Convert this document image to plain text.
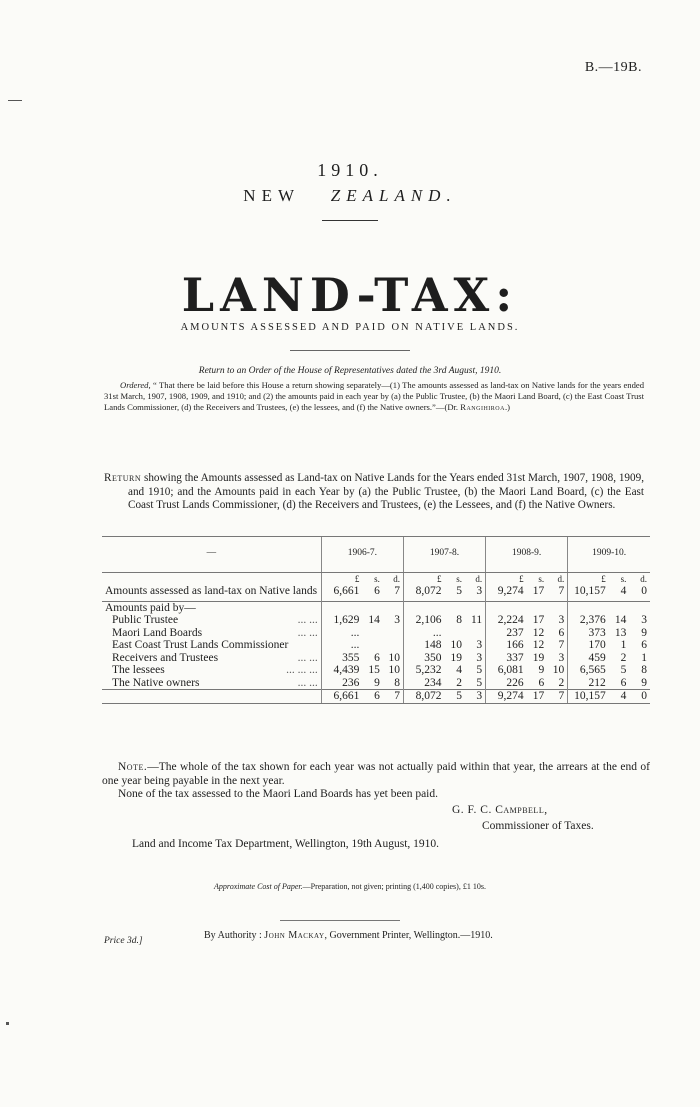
B.—19B.
1910.
NEW ZEALAND.
LAND-TAX:
AMOUNTS ASSESSED AND PAID ON NATIVE LANDS.
Return to an Order of the House of Representatives dated the 3rd August, 1910.
Ordered, “ That there be laid before this House a return showing separately—(1) The amounts assessed as land-tax on Native lands for the years ended 31st March, 1907, 1908, 1909, and 1910; and (2) the amounts paid in each year by (a) the Public Trustee, (b) the Maori Land Board, (c) the East Coast Trust Lands Commissioner, (d) the Receivers and Trustees, (e) the lessees, and (f) the Native owners.”—(Dr. Rangihiroa.)
Return showing the Amounts assessed as Land-tax on Native Lands for the Years ended 31st March, 1907, 1908, 1909, and 1910; and the Amounts paid in each Year by (a) the Public Trustee, (b) the Maori Land Board, (c) the East Coast Trust Lands Commissioner, (d) the Receivers and Trustees, (e) the Lessees, and (f) the Native Owners.
—	1906-7.			1907-8.			1908-9.			1909-10.		
	£	s.	d.	£	s.	d.	£	s.	d.	£	s.	d.
Amounts assessed as land-tax on Native lands	6,661	6	7	8,072	5	3	9,274	17	7	10,157	4	0
Amounts paid by—												
Public Trustee ... ...	1,629	14	3	2,106	8	11	2,224	17	3	2,376	14	3
Maori Land Boards ... ...	...			...			237	12	6	373	13	9
East Coast Trust Lands Commissioner	...			148	10	3	166	12	7	170	1	6
Receivers and Trustees ... ...	355	6	10	350	19	3	337	19	3	459	2	1
The lessees ... ... ...	4,439	15	10	5,232	4	5	6,081	9	10	6,565	5	8
The Native owners ... ...	236	9	8	234	2	5	226	6	2	212	6	9
	6,661	6	7	8,072	5	3	9,274	17	7	10,157	4	0
Note.—The whole of the tax shown for each year was not actually paid within that year, the arrears at the end of one year being payable in the next year.
None of the tax assessed to the Maori Land Boards has yet been paid.
G. F. C. Campbell,
Commissioner of Taxes.
Land and Income Tax Department, Wellington, 19th August, 1910.
Approximate Cost of Paper.—Preparation, not given; printing (1,400 copies), £1 10s.
By Authority : John Mackay, Government Printer, Wellington.—1910.
Price 3d.]
